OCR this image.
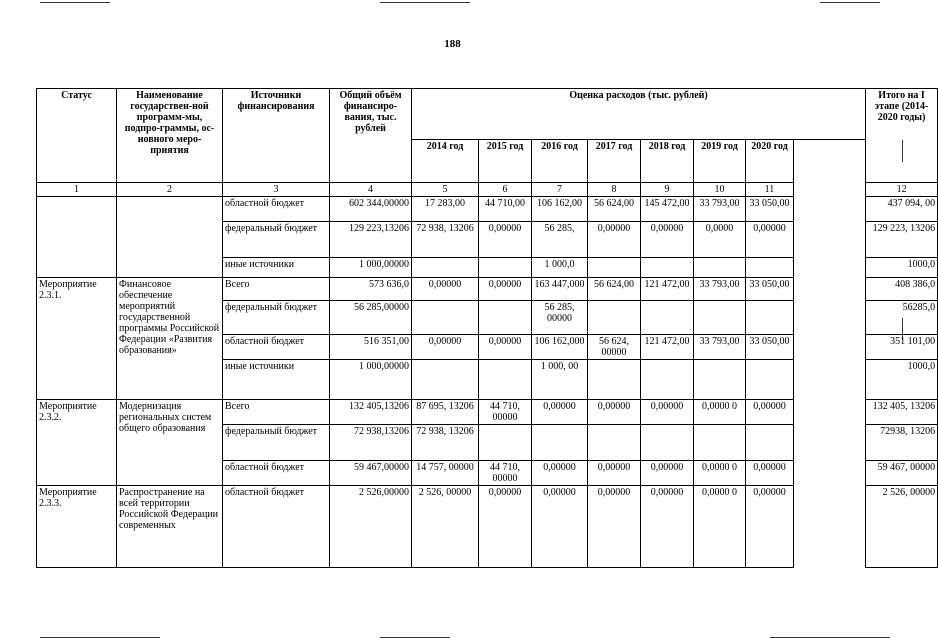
188
Статус	Наименование государствен-ной программ-мы, подпро-граммы, ос-новного меро-приятия	Источники финансирования	Общий объём финансиро-вания, тыс. рублей	Оценка расходов (тыс. рублей)								Итого на I этапе (2014-2020 годы)
				2014 год	2015 год	2016 год	2017 год	2018 год	2019 год	2020 год		
1	2	3	4	5	6	7	8	9	10	11		12
		областной бюджет	602 344,00000	17 283,00	44 710,00	106 162,00	56 624,00	145 472,00	33 793,00	33 050,00		437 094, 00
		федеральный бюджет	129 223,13206	72 938, 13206	0,00000	56 285,	0,00000	0,00000	0,0000	0,00000		129 223, 13206
		иные источники	1 000,00000			1 000,0						1000,0
Мероприятие 2.3.1.	Финансовое обеспечение мероприятий государственной программы Российской Федерации «Развития образования»	Всего	573 636,0	0,00000	0,00000	163 447,000	56 624,00	121 472,00	33 793,00	33 050,00		408 386,0
		федеральный бюджет	56 285,00000			56 285, 00000						56285,0
		областной бюджет	516 351,00	0,00000	0,00000	106 162,000	56 624, 00000	121 472,00	33 793,00	33 050,00		351 101,00
		иные источники	1 000,00000			1 000, 00						1000,0
Мероприятие 2.3.2.	Модернизация региональных систем общего образования	Всего	132 405,13206	87 695, 13206	44 710, 00000	0,00000	0,00000	0,00000	0,0000 0	0,00000		132 405, 13206
		федеральный бюджет	72 938,13206	72 938, 13206								72938, 13206
		областной бюджет	59 467,00000	14 757, 00000	44 710, 00000	0,00000	0,00000	0,00000	0,0000 0	0,00000		59 467, 00000
Мероприятие 2.3.3.	Распространение на всей территории Российской Федерации современных	областной бюджет	2 526,00000	2 526, 00000	0,00000	0,00000	0,00000	0,00000	0,0000 0	0,00000		2 526, 00000
